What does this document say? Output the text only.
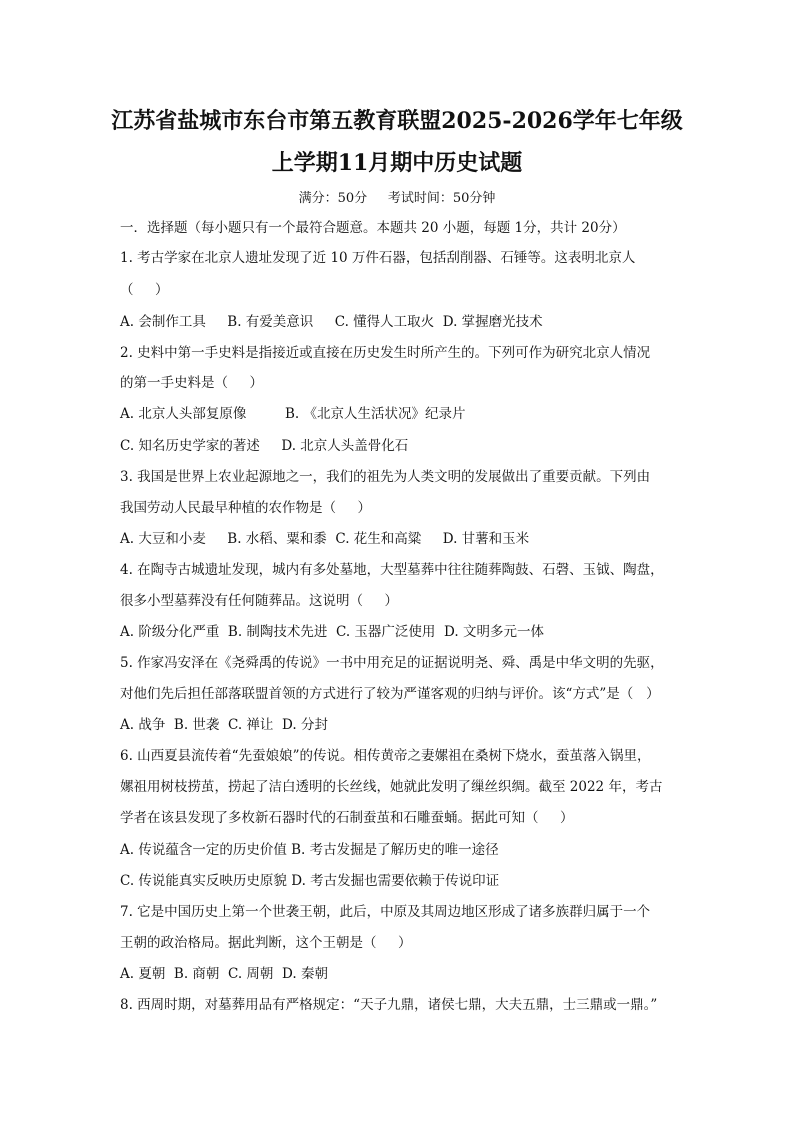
江苏省盐城市东台市第五教育联盟2025-2026学年七年级
上学期11月期中历史试题
满分：50分     考试时间：50分钟
一．选择题（每小题只有一个最符合题意。本题共 20 小题，每题 1分，共计 20分）
1. 考古学家在北京人遗址发现了近 10 万件石器，包括刮削器、石锤等。这表明北京人
（     ）
A. 会制作工具     B. 有爱美意识     C. 懂得人工取火  D. 掌握磨光技术
2. 史料中第一手史料是指接近或直接在历史发生时所产生的。下列可作为研究北京人情况
的第一手史料是（     ）
A. 北京人头部复原像         B. 《北京人生活状况》纪录片
C. 知名历史学家的著述     D. 北京人头盖骨化石
3. 我国是世界上农业起源地之一，我们的祖先为人类文明的发展做出了重要贡献。下列由
我国劳动人民最早种植的农作物是（     ）
A. 大豆和小麦     B. 水稻、粟和黍  C. 花生和高粱     D. 甘薯和玉米
4. 在陶寺古城遗址发现，城内有多处墓地，大型墓葬中往往随葬陶鼓、石磬、玉钺、陶盘，
很多小型墓葬没有任何随葬品。这说明（     ）
A. 阶级分化严重  B. 制陶技术先进  C. 玉器广泛使用  D. 文明多元一体
5. 作家冯安泽在《尧舜禹的传说》一书中用充足的证据说明尧、舜、禹是中华文明的先驱，
对他们先后担任部落联盟首领的方式进行了较为严谨客观的归纳与评价。该“方式”是（   ）
A. 战争  B. 世袭  C. 禅让  D. 分封
6. 山西夏县流传着“先蚕娘娘”的传说。相传黄帝之妻嫘祖在桑树下烧水，蚕茧落入锅里，
嫘祖用树枝捞茧，捞起了洁白透明的长丝线，她就此发明了缫丝织绸。截至 2022 年，考古
学者在该县发现了多枚新石器时代的石制蚕茧和石雕蚕蛹。据此可知（     ）
A. 传说蕴含一定的历史价值 B. 考古发掘是了解历史的唯一途径
C. 传说能真实反映历史原貌 D. 考古发掘也需要依赖于传说印证
7. 它是中国历史上第一个世袭王朝，此后，中原及其周边地区形成了诸多族群归属于一个
王朝的政治格局。据此判断，这个王朝是（     ）
A. 夏朝  B. 商朝  C. 周朝  D. 秦朝
8. 西周时期，对墓葬用品有严格规定：“天子九鼎，诸侯七鼎，大夫五鼎，士三鼎或一鼎。”
